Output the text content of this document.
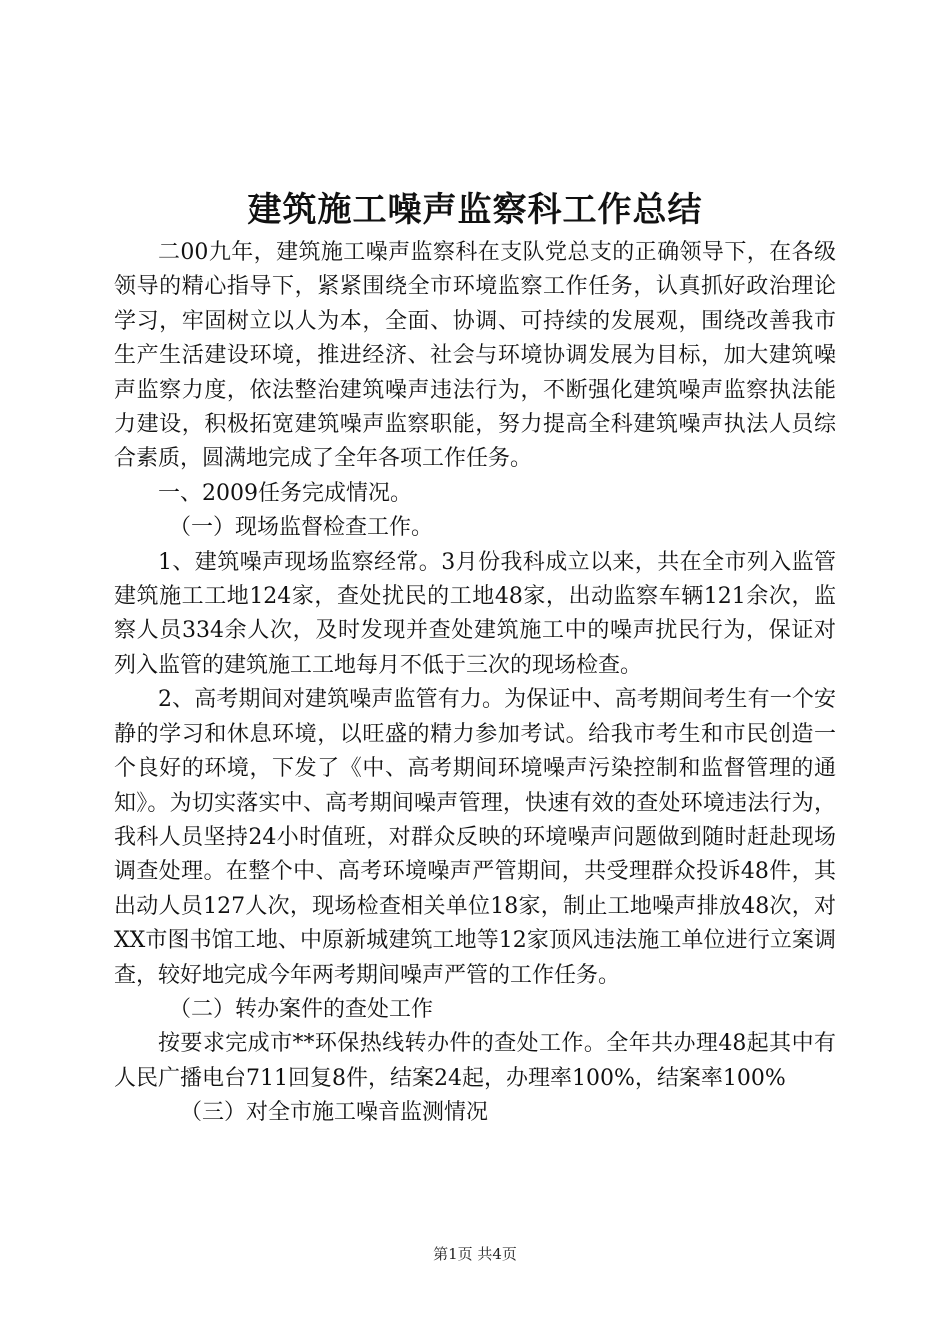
建筑施工噪声监察科工作总结

二00九年，建筑施工噪声监察科在支队党总支的正确领导下，在各级领导的精心指导下，紧紧围绕全市环境监察工作任务，认真抓好政治理论学习，牢固树立以人为本，全面、协调、可持续的发展观，围绕改善我市生产生活建设环境，推进经济、社会与环境协调发展为目标，加大建筑噪声监察力度，依法整治建筑噪声违法行为，不断强化建筑噪声监察执法能力建设，积极拓宽建筑噪声监察职能，努力提高全科建筑噪声执法人员综合素质，圆满地完成了全年各项工作任务。

一、2009任务完成情况。

（一）现场监督检查工作。

1、建筑噪声现场监察经常。3月份我科成立以来，共在全市列入监管建筑施工工地124家，查处扰民的工地48家，出动监察车辆121余次，监察人员334余人次，及时发现并查处建筑施工中的噪声扰民行为，保证对列入监管的建筑施工工地每月不低于三次的现场检查。

2、高考期间对建筑噪声监管有力。为保证中、高考期间考生有一个安静的学习和休息环境，以旺盛的精力参加考试。给我市考生和市民创造一个良好的环境，下发了《中、高考期间环境噪声污染控制和监督管理的通知》。为切实落实中、高考期间噪声管理，快速有效的查处环境违法行为，我科人员坚持24小时值班，对群众反映的环境噪声问题做到随时赶赴现场调查处理。在整个中、高考环境噪声严管期间，共受理群众投诉48件，其出动人员127人次，现场检查相关单位18家，制止工地噪声排放48次，对XX市图书馆工地、中原新城建筑工地等12家顶风违法施工单位进行立案调查，较好地完成今年两考期间噪声严管的工作任务。

（二）转办案件的查处工作

按要求完成市**环保热线转办件的查处工作。全年共办理48起其中有人民广播电台711回复8件，结案24起，办理率100%，结案率100%

（三）对全市施工噪音监测情况

第1页 共4页
